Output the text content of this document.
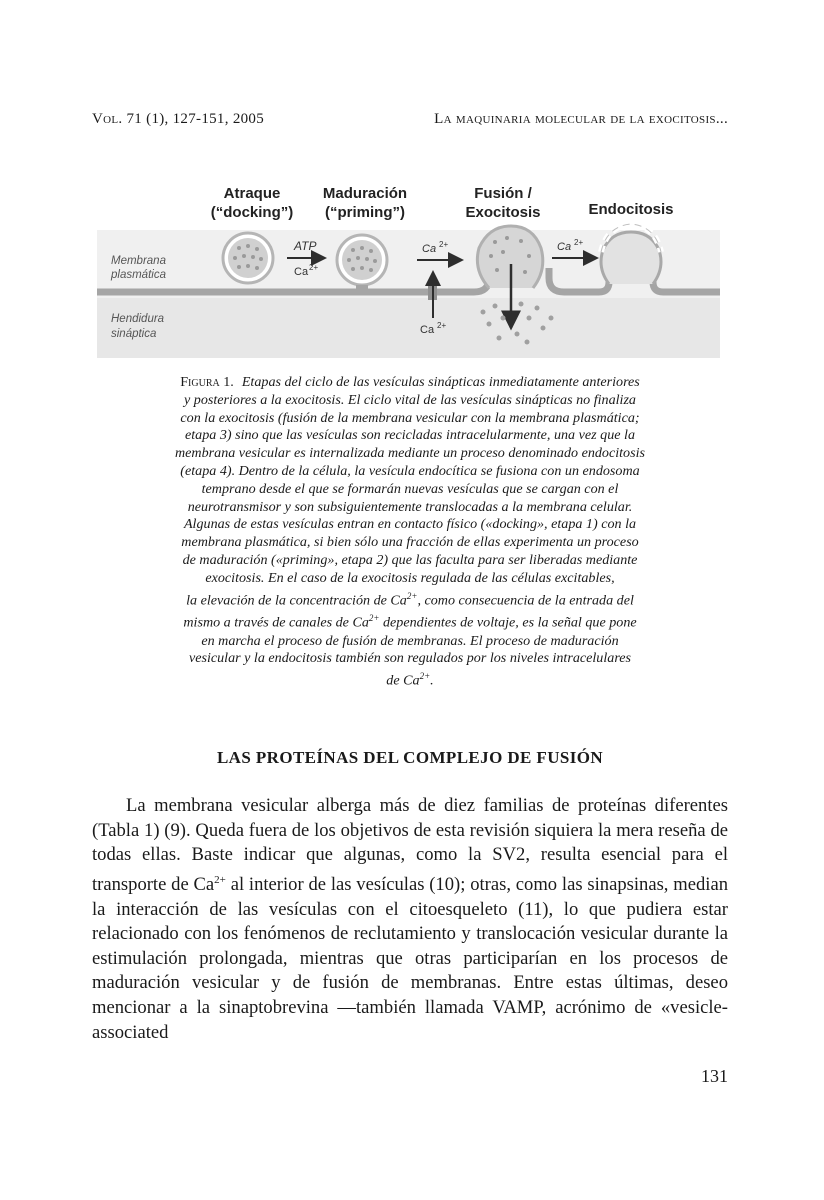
Vol. 71 (1), 127-151, 2005	La maquinaria molecular de la exocitosis...
Atraque
(“docking”)
Maduración
(“priming”)
Fusión /
Exocitosis	Endocitosis
Membrana
plasmática
Hendidura
sináptica
ATP
Ca 2+
Ca 2+
Ca 2+
Ca 2+
Figura 1. Etapas del ciclo de las vesículas sinápticas inmediatamente anteriores
y posteriores a la exocitosis. El ciclo vital de las vesículas sinápticas no finaliza
con la exocitosis (fusión de la membrana vesicular con la membrana plasmática;
etapa 3) sino que las vesículas son recicladas intracelularmente, una vez que la
membrana vesicular es internalizada mediante un proceso denominado endocitosis
(etapa 4). Dentro de la célula, la vesícula endocítica se fusiona con un endosoma
temprano desde el que se formarán nuevas vesículas que se cargan con el
neurotransmisor y son subsiguientemente translocadas a la membrana celular.
Algunas de estas vesículas entran en contacto físico («docking», etapa 1) con la
membrana plasmática, si bien sólo una fracción de ellas experimenta un proceso
de maduración («priming», etapa 2) que las faculta para ser liberadas mediante
exocitosis. En el caso de la exocitosis regulada de las células excitables,
la elevación de la concentración de $Ca^{2+}$, como consecuencia de la entrada del
mismo a través de canales de $Ca^{2+}$ dependientes de voltaje, es la señal que pone
en marcha el proceso de fusión de membranas. El proceso de maduración
vesicular y la endocitosis también son regulados por los niveles intracelulares
de $Ca^{2+}$.
LAS PROTEÍNAS DEL COMPLEJO DE FUSIÓN

La membrana vesicular alberga más de diez familias de proteínas diferentes (Tabla 1) (9). Queda fuera de los objetivos de esta revisión siquiera la mera reseña de todas ellas. Baste indicar que algunas, como la SV2, resulta esencial para el transporte de $Ca^{2+}$ al interior de las vesículas (10); otras, como las sinapsinas, median la interacción de las vesículas con el citoesqueleto (11), lo que pudiera estar relacionado con los fenómenos de reclutamiento y translocación vesicular durante la estimulación prolongada, mientras que otras participarían en los procesos de maduración vesicular y de fusión de membranas. Entre estas últimas, deseo mencionar a la sinaptobrevina —también llamada VAMP, acrónimo de «vesicle-associated

131
